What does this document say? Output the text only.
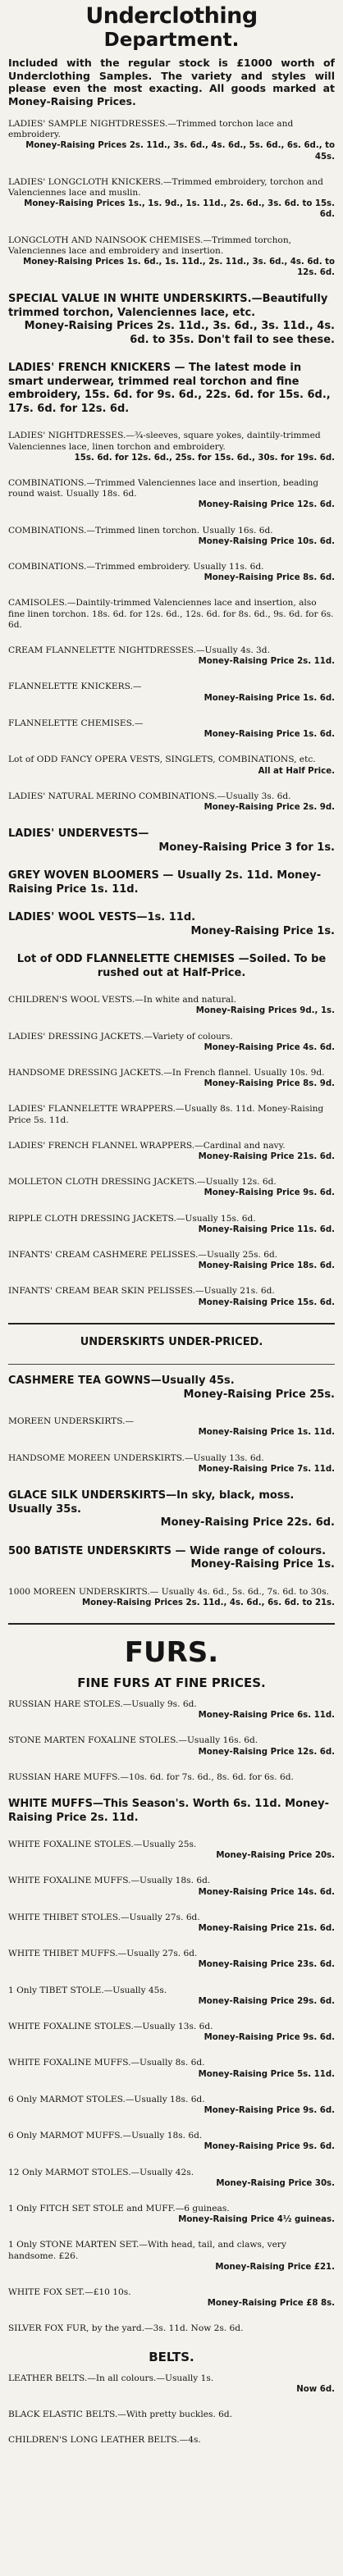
Underclothing
Department.
Included with the regular stock is £1000 worth of Underclothing Samples. The variety and styles will please even the most exacting. All goods marked at Money-Raising Prices.
LADIES' SAMPLE NIGHTDRESSES.—Trimmed torchon lace and embroidery.
Money-Raising Prices 2s. 11d., 3s. 6d., 4s. 6d., 5s. 6d., 6s. 6d., to 45s.
LADIES' LONGCLOTH KNICKERS.—Trimmed embroidery, torchon and Valenciennes lace and muslin.
Money-Raising Prices 1s., 1s. 9d., 1s. 11d., 2s. 6d., 3s. 6d. to 15s. 6d.
LONGCLOTH AND NAINSOOK CHEMISES.—Trimmed torchon, Valenciennes lace and embroidery and insertion.
Money-Raising Prices 1s. 6d., 1s. 11d., 2s. 11d., 3s. 6d., 4s. 6d. to 12s. 6d.
SPECIAL VALUE IN WHITE UNDERSKIRTS.—Beautifully trimmed torchon, Valenciennes lace, etc.
Money-Raising Prices 2s. 11d., 3s. 6d., 3s. 11d., 4s. 6d. to 35s. Don't fail to see these.
LADIES' FRENCH KNICKERS — The latest mode in smart underwear, trimmed real torchon and fine embroidery, 15s. 6d. for 9s. 6d., 22s. 6d. for 15s. 6d., 17s. 6d. for 12s. 6d.
LADIES' NIGHTDRESSES.—¾-sleeves, square yokes, daintily-trimmed Valenciennes lace, linen torchon and embroidery.
15s. 6d. for 12s. 6d., 25s. for 15s. 6d., 30s. for 19s. 6d.
COMBINATIONS.—Trimmed Valenciennes lace and insertion, beading round waist. Usually 18s. 6d.
Money-Raising Price 12s. 6d.
COMBINATIONS.—Trimmed linen torchon. Usually 16s. 6d.
Money-Raising Price 10s. 6d.
COMBINATIONS.—Trimmed embroidery. Usually 11s. 6d.
Money-Raising Price 8s. 6d.
CAMISOLES.—Daintily-trimmed Valenciennes lace and insertion, also fine linen torchon. 18s. 6d. for 12s. 6d., 12s. 6d. for 8s. 6d., 9s. 6d. for 6s. 6d.
CREAM FLANNELETTE NIGHTDRESSES.—Usually 4s. 3d.
Money-Raising Price 2s. 11d.
FLANNELETTE KNICKERS.—
Money-Raising Price 1s. 6d.
FLANNELETTE CHEMISES.—
Money-Raising Price 1s. 6d.
Lot of ODD FANCY OPERA VESTS, SINGLETS, COMBINATIONS, etc.
All at Half Price.
LADIES' NATURAL MERINO COMBINATIONS.—Usually 3s. 6d.
Money-Raising Price 2s. 9d.
LADIES' UNDERVESTS—
Money-Raising Price 3 for 1s.
GREY WOVEN BLOOMERS — Usually 2s. 11d. Money-Raising Price 1s. 11d.
LADIES' WOOL VESTS—1s. 11d.
Money-Raising Price 1s.
Lot of ODD FLANNELETTE CHEMISES —Soiled. To be rushed out at Half-Price.
CHILDREN'S WOOL VESTS.—In white and natural.
Money-Raising Prices 9d., 1s.
LADIES' DRESSING JACKETS.—Variety of colours.
Money-Raising Price 4s. 6d.
HANDSOME DRESSING JACKETS.—In French flannel. Usually 10s. 9d.
Money-Raising Price 8s. 9d.
LADIES' FLANNELETTE WRAPPERS.—Usually 8s. 11d. Money-Raising Price 5s. 11d.
LADIES' FRENCH FLANNEL WRAPPERS.—Cardinal and navy.
Money-Raising Price 21s. 6d.
MOLLETON CLOTH DRESSING JACKETS.—Usually 12s. 6d.
Money-Raising Price 9s. 6d.
RIPPLE CLOTH DRESSING JACKETS.—Usually 15s. 6d.
Money-Raising Price 11s. 6d.
INFANTS' CREAM CASHMERE PELISSES.—Usually 25s. 6d.
Money-Raising Price 18s. 6d.
INFANTS' CREAM BEAR SKIN PELISSES.—Usually 21s. 6d.
Money-Raising Price 15s. 6d.
UNDERSKIRTS UNDER-PRICED.
CASHMERE TEA GOWNS—Usually 45s.
Money-Raising Price 25s.
MOREEN UNDERSKIRTS.—
Money-Raising Price 1s. 11d.
HANDSOME MOREEN UNDERSKIRTS.—Usually 13s. 6d.
Money-Raising Price 7s. 11d.
GLACE SILK UNDERSKIRTS—In sky, black, moss. Usually 35s.
Money-Raising Price 22s. 6d.
500 BATISTE UNDERSKIRTS — Wide range of colours.
Money-Raising Price 1s.
1000 MOREEN UNDERSKIRTS.— Usually 4s. 6d., 5s. 6d., 7s. 6d. to 30s.
Money-Raising Prices 2s. 11d., 4s. 6d., 6s. 6d. to 21s.
FURS.
FINE FURS AT FINE PRICES.
RUSSIAN HARE STOLES.—Usually 9s. 6d.
Money-Raising Price 6s. 11d.
STONE MARTEN FOXALINE STOLES.—Usually 16s. 6d.
Money-Raising Price 12s. 6d.
RUSSIAN HARE MUFFS.—10s. 6d. for 7s. 6d., 8s. 6d. for 6s. 6d.
WHITE MUFFS—This Season's. Worth 6s. 11d. Money-Raising Price 2s. 11d.
WHITE FOXALINE STOLES.—Usually 25s.
Money-Raising Price 20s.
WHITE FOXALINE MUFFS.—Usually 18s. 6d.
Money-Raising Price 14s. 6d.
WHITE THIBET STOLES.—Usually 27s. 6d.
Money-Raising Price 21s. 6d.
WHITE THIBET MUFFS.—Usually 27s. 6d.
Money-Raising Price 23s. 6d.
1 Only TIBET STOLE.—Usually 45s.
Money-Raising Price 29s. 6d.
WHITE FOXALINE STOLES.—Usually 13s. 6d.
Money-Raising Price 9s. 6d.
WHITE FOXALINE MUFFS.—Usually 8s. 6d.
Money-Raising Price 5s. 11d.
6 Only MARMOT STOLES.—Usually 18s. 6d.
Money-Raising Price 9s. 6d.
6 Only MARMOT MUFFS.—Usually 18s. 6d.
Money-Raising Price 9s. 6d.
12 Only MARMOT STOLES.—Usually 42s.
Money-Raising Price 30s.
1 Only FITCH SET STOLE and MUFF.—6 guineas.
Money-Raising Price 4½ guineas.
1 Only STONE MARTEN SET.—With head, tail, and claws, very handsome. £26.
Money-Raising Price £21.
WHITE FOX SET.—£10 10s.
Money-Raising Price £8 8s.
SILVER FOX FUR, by the yard.—3s. 11d. Now 2s. 6d.
BELTS.
LEATHER BELTS.—In all colours.—Usually 1s.
Now 6d.
BLACK ELASTIC BELTS.—With pretty buckles. 6d.
CHILDREN'S LONG LEATHER BELTS.—4s.
